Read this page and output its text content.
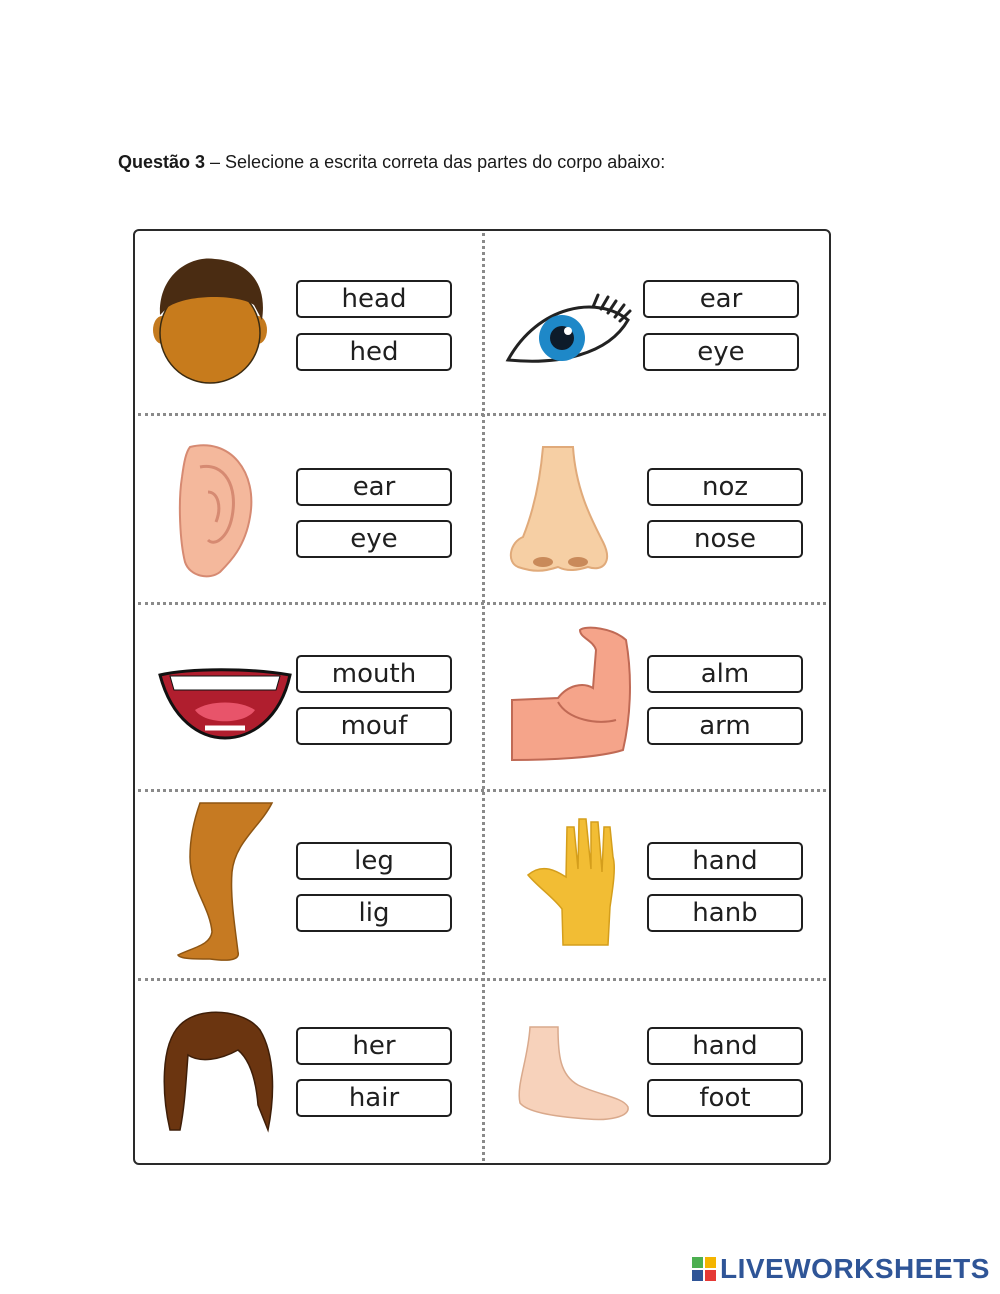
Questão 3 – Selecione a escrita correta das partes do corpo abaixo:
head
hed
ear
eye
ear
eye
noz
nose
mouth
mouf
alm
arm
leg
lig
hand
hanb
her
hair
hand
foot
LIVEWORKSHEETS
